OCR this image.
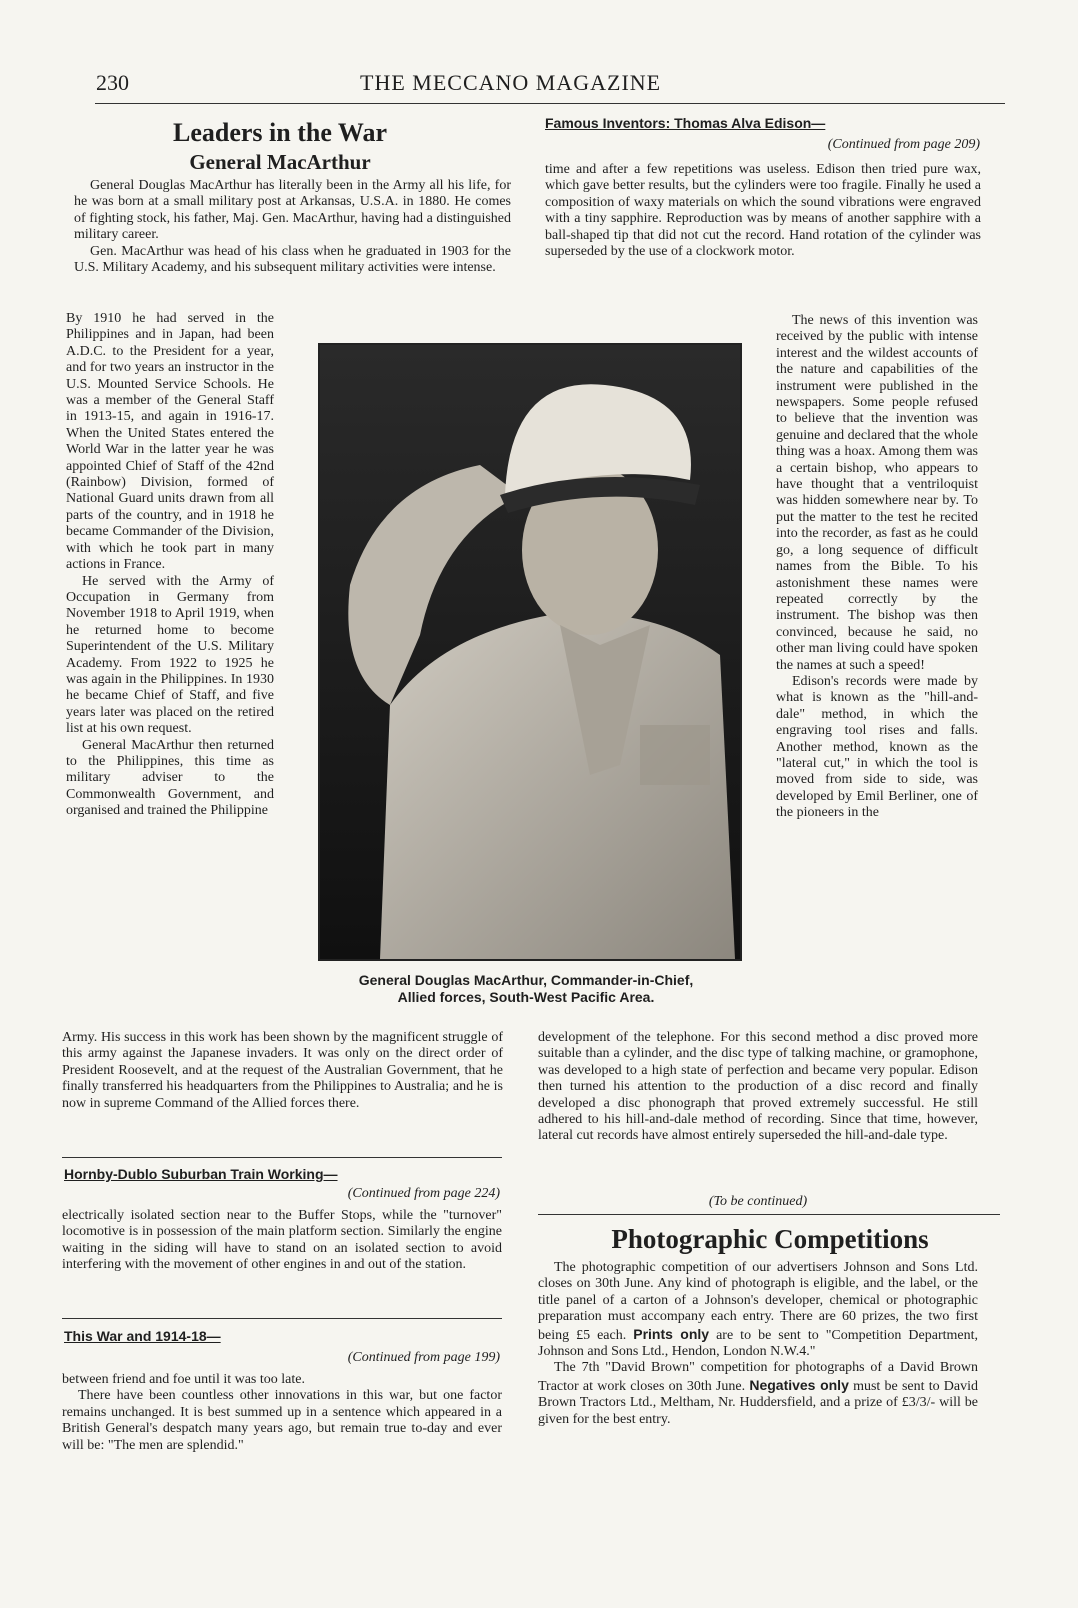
230	THE MECCANO MAGAZINE
Leaders in the War
General MacArthur

General Douglas MacArthur has literally been in the Army all his life, for he was born at a small military post at Arkansas, U.S.A. in 1880. He comes of fighting stock, his father, Maj. Gen. MacArthur, having had a distinguished military career.

Gen. MacArthur was head of his class when he graduated in 1903 for the U.S. Military Academy, and his subsequent military activities were intense.

By 1910 he had served in the Philippines and in Japan, had been A.D.C. to the President for a year, and for two years an instructor in the U.S. Mounted Service Schools. He was a member of the General Staff in 1913-15, and again in 1916-17. When the United States entered the World War in the latter year he was appointed Chief of Staff of the 42nd (Rainbow) Division, formed of National Guard units drawn from all parts of the country, and in 1918 he became Commander of the Division, with which he took part in many actions in France.

He served with the Army of Occupation in Germany from November 1918 to April 1919, when he returned home to become Superintendent of the U.S. Military Academy. From 1922 to 1925 he was again in the Philippines. In 1930 he became Chief of Staff, and five years later was placed on the retired list at his own request.

General MacArthur then returned to the Philippines, this time as military adviser to the Commonwealth Government, and organised and trained the Philippine

Army. His success in this work has been shown by the magnificent struggle of this army against the Japanese invaders. It was only on the direct order of President Roosevelt, and at the request of the Australian Government, that he finally transferred his headquarters from the Philippines to Australia; and he is now in supreme Command of the Allied forces there.

Hornby-Dublo Suburban Train Working—
(Continued from page 224)

electrically isolated section near to the Buffer Stops, while the "turnover" locomotive is in possession of the main platform section. Similarly the engine waiting in the siding will have to stand on an isolated section to avoid interfering with the movement of other engines in and out of the station.

This War and 1914-18—
(Continued from page 199)

between friend and foe until it was too late.

There have been countless other innovations in this war, but one factor remains unchanged. It is best summed up in a sentence which appeared in a British General's despatch many years ago, but remain true to-day and ever will be: "The men are splendid."

Famous Inventors: Thomas Alva Edison—
(Continued from page 209)

time and after a few repetitions was useless. Edison then tried pure wax, which gave better results, but the cylinders were too fragile. Finally he used a composition of waxy materials on which the sound vibrations were engraved with a tiny sapphire. Reproduction was by means of another sapphire with a ball-shaped tip that did not cut the record. Hand rotation of the cylinder was superseded by the use of a clockwork motor.

The news of this invention was received by the public with intense interest and the wildest accounts of the nature and capabilities of the instrument were published in the newspapers. Some people refused to believe that the invention was genuine and declared that the whole thing was a hoax. Among them was a certain bishop, who appears to have thought that a ventriloquist was hidden somewhere near by. To put the matter to the test he recited into the recorder, as fast as he could go, a long sequence of difficult names from the Bible. To his astonishment these names were repeated correctly by the instrument. The bishop was then convinced, because he said, no other man living could have spoken the names at such a speed!

Edison's records were made by what is known as the "hill-and-dale" method, in which the engraving tool rises and falls. Another method, known as the "lateral cut," in which the tool is moved from side to side, was developed by Emil Berliner, one of the pioneers in the

development of the telephone. For this second method a disc proved more suitable than a cylinder, and the disc type of talking machine, or gramophone, was developed to a high state of perfection and became very popular. Edison then turned his attention to the production of a disc record and finally developed a disc phonograph that proved extremely successful. He still adhered to his hill-and-dale method of recording. Since that time, however, lateral cut records have almost entirely superseded the hill-and-dale type.

(To be continued)
General Douglas MacArthur, Commander-in-Chief,
Allied forces, South-West Pacific Area.
Photographic Competitions

The photographic competition of our advertisers Johnson and Sons Ltd. closes on 30th June. Any kind of photograph is eligible, and the label, or the title panel of a carton of a Johnson's developer, chemical or photographic preparation must accompany each entry. There are 60 prizes, the two first being £5 each. Prints only are to be sent to "Competition Department, Johnson and Sons Ltd., Hendon, London N.W.4."

The 7th "David Brown" competition for photographs of a David Brown Tractor at work closes on 30th June. Negatives only must be sent to David Brown Tractors Ltd., Meltham, Nr. Huddersfield, and a prize of £3/3/- will be given for the best entry.
